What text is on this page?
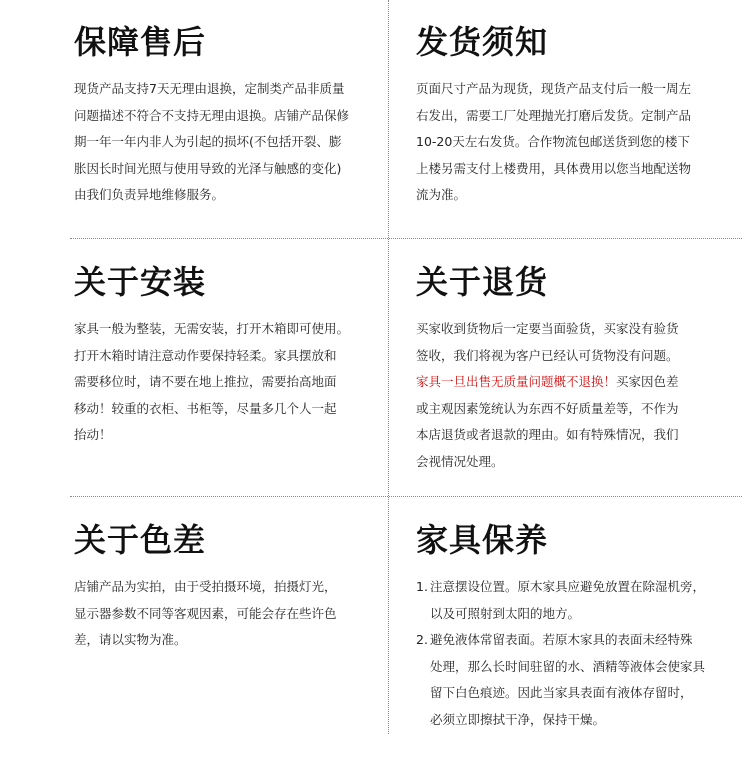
保障售后
现货产品支持7天无理由退换，定制类产品非质量
问题描述不符合不支持无理由退换。店铺产品保修
期一年一年内非人为引起的损坏(不包括开裂、膨
胀因长时间光照与使用导致的光泽与触感的变化)
由我们负责异地维修服务。
发货须知
页面尺寸产品为现货，现货产品支付后一般一周左
右发出，需要工厂处理抛光打磨后发货。定制产品
10-20天左右发货。合作物流包邮送货到您的楼下
上楼另需支付上楼费用，具体费用以您当地配送物
流为准。
关于安装
家具一般为整装，无需安装，打开木箱即可使用。
打开木箱时请注意动作要保持轻柔。家具摆放和
需要移位时，请不要在地上推拉，需要抬高地面
移动！较重的衣柜、书柜等，尽量多几个人一起
抬动！
关于退货
买家收到货物后一定要当面验货，买家没有验货
签收，我们将视为客户已经认可货物没有问题。
家具一旦出售无质量问题概不退换！买家因色差
或主观因素笼统认为东西不好质量差等，不作为
本店退货或者退款的理由。如有特殊情况，我们
会视情况处理。
关于色差
店铺产品为实拍，由于受拍摄环境，拍摄灯光，
显示器参数不同等客观因素，可能会存在些许色
差，请以实物为准。
家具保养
1. 注意摆设位置。原木家具应避免放置在除湿机旁，
以及可照射到太阳的地方。
2. 避免液体常留表面。若原木家具的表面未经特殊
处理，那么长时间驻留的水、酒精等液体会使家具
留下白色痕迹。因此当家具表面有液体存留时，
必须立即擦拭干净，保持干燥。
